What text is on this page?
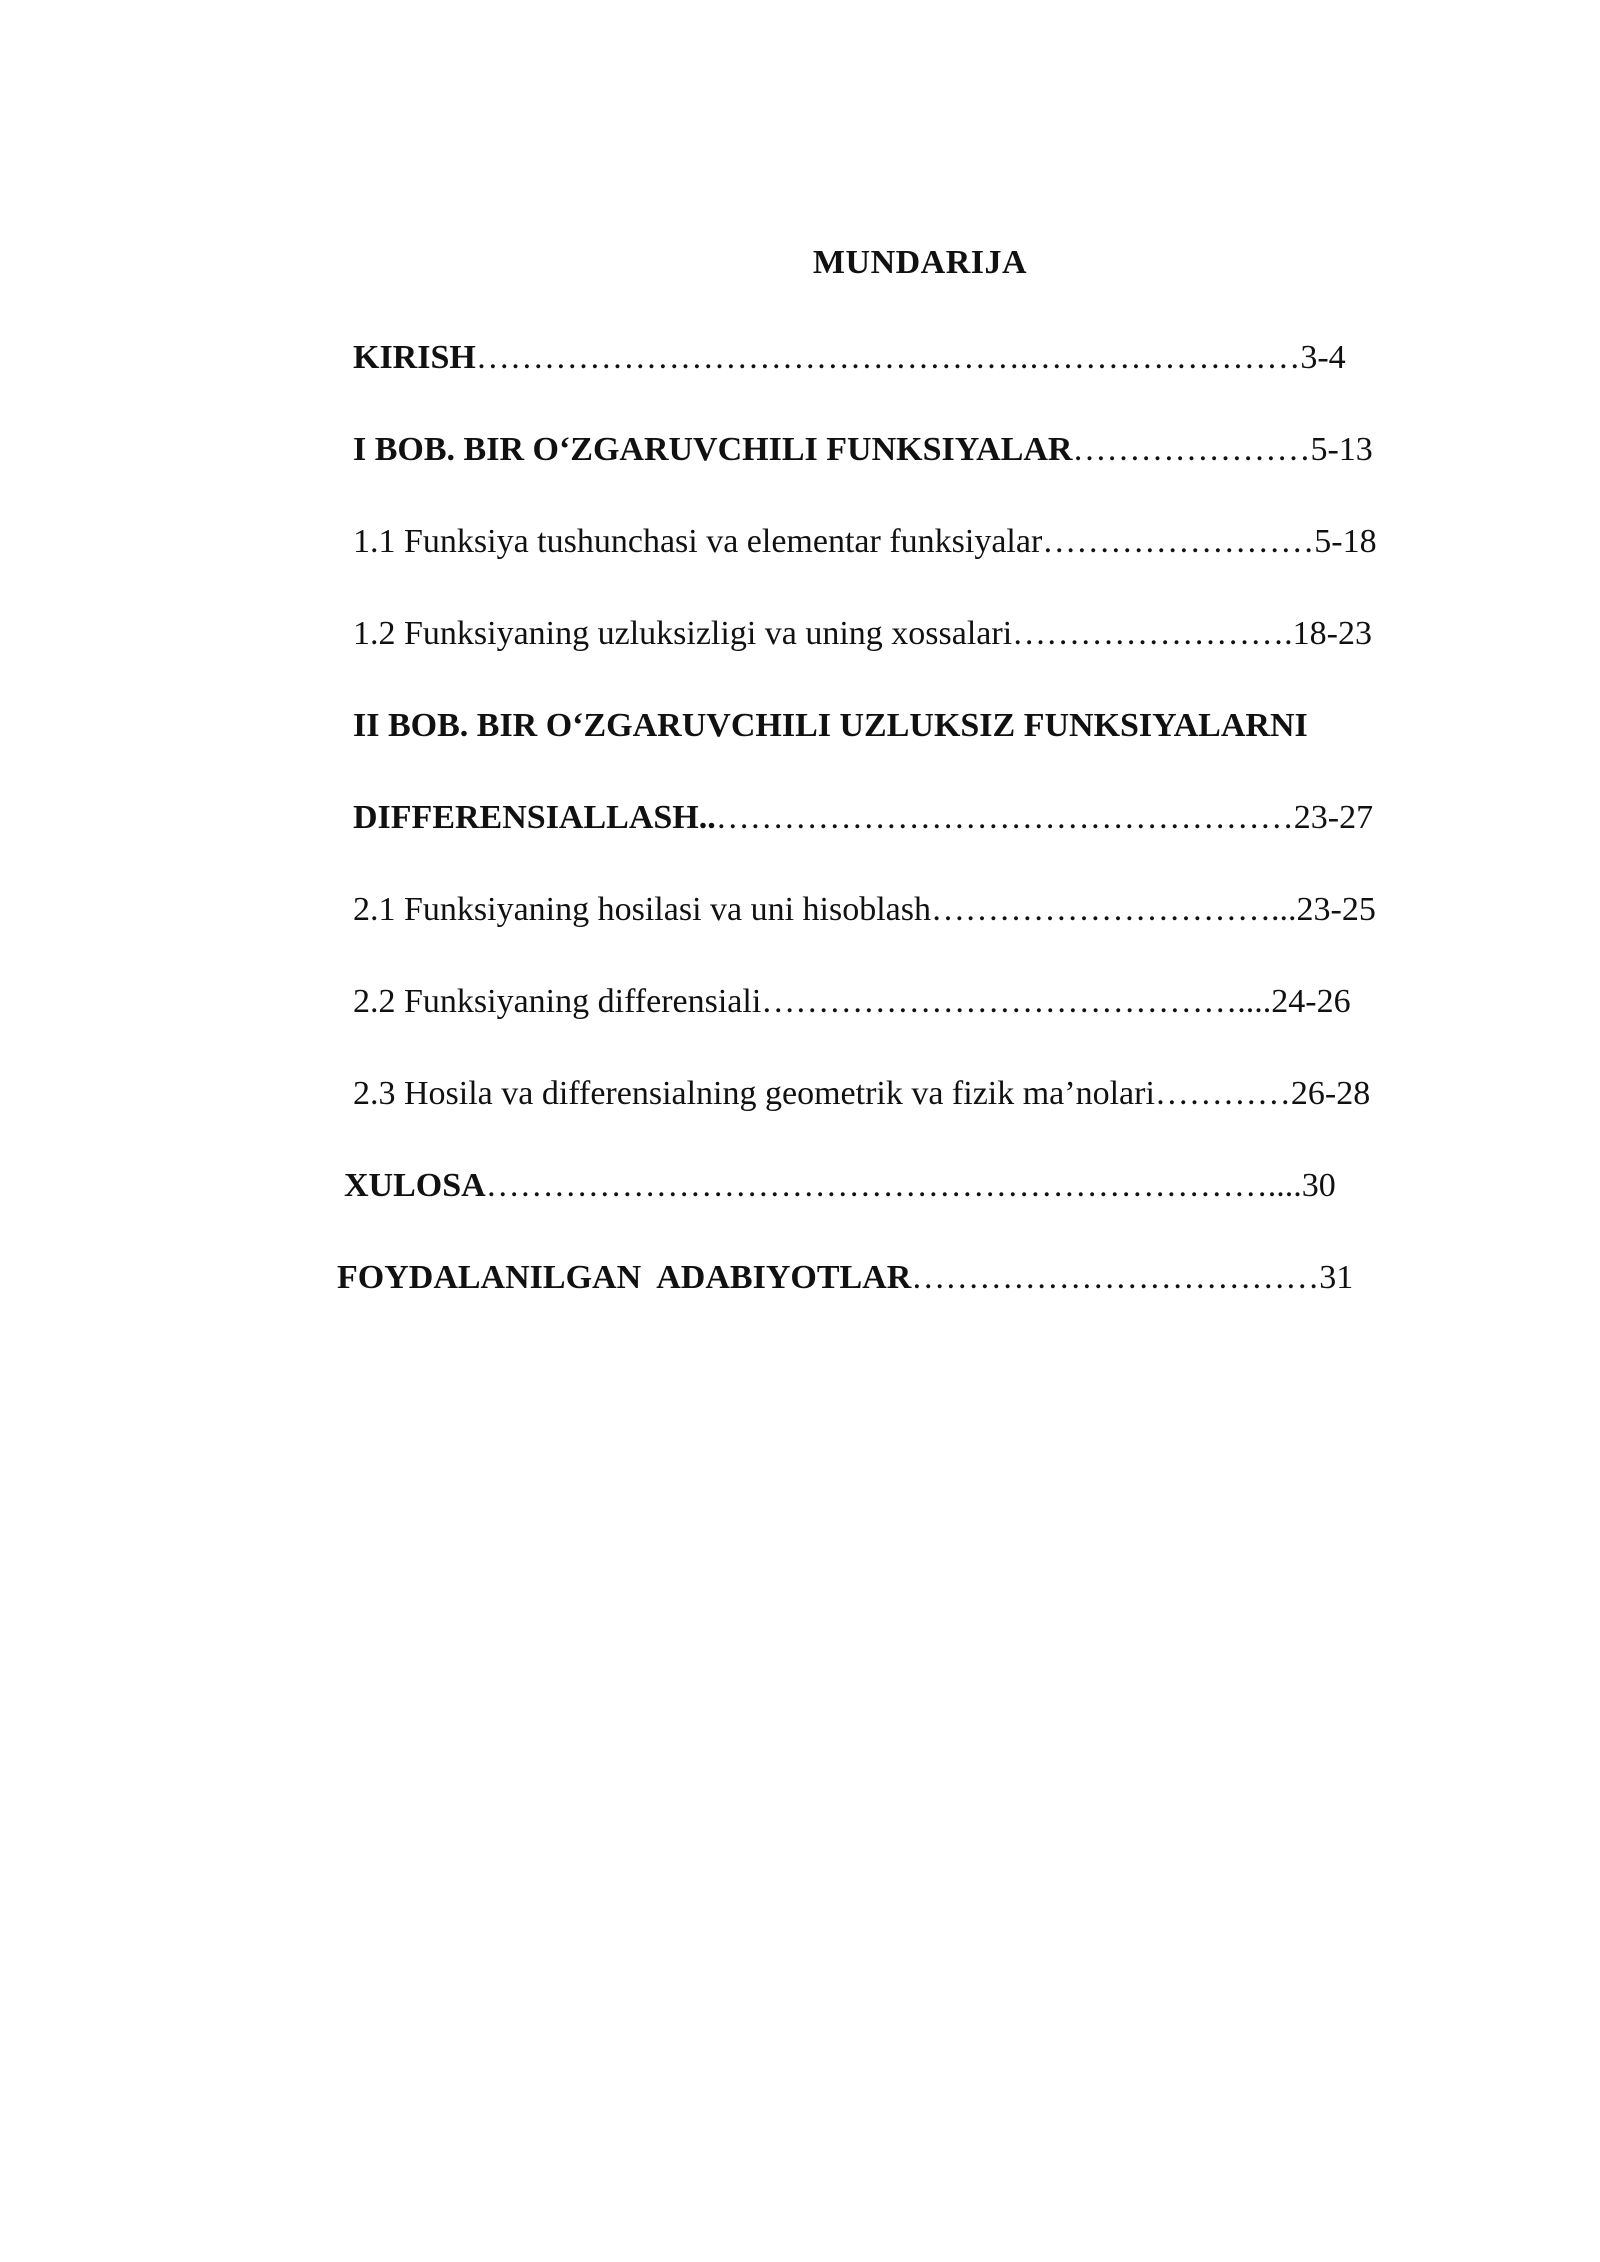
MUNDARIJA
KIRISH………………………………………….……………………3-4
I BOB. BIR O‘ZGARUVCHILI FUNKSIYALAR…………………5-13
1.1 Funksiya tushunchasi va elementar funksiyalar……………………5-18
1.2 Funksiyaning uzluksizligi va uning xossalari…………………….18-23
II BOB. BIR O‘ZGARUVCHILI UZLUKSIZ FUNKSIYALARNI
DIFFERENSIALLASH..……………………………………………23-27
2.1 Funksiyaning hosilasi va uni hisoblash…………………………...23-25
2.2 Funksiyaning differensiali……………………………………....24-26
2.3 Hosila va differensialning geometrik va fizik ma’nolari…………26-28
XULOSA……………………………………………………………....30
FOYDALANILGAN  ADABIYOTLAR………………………………31
